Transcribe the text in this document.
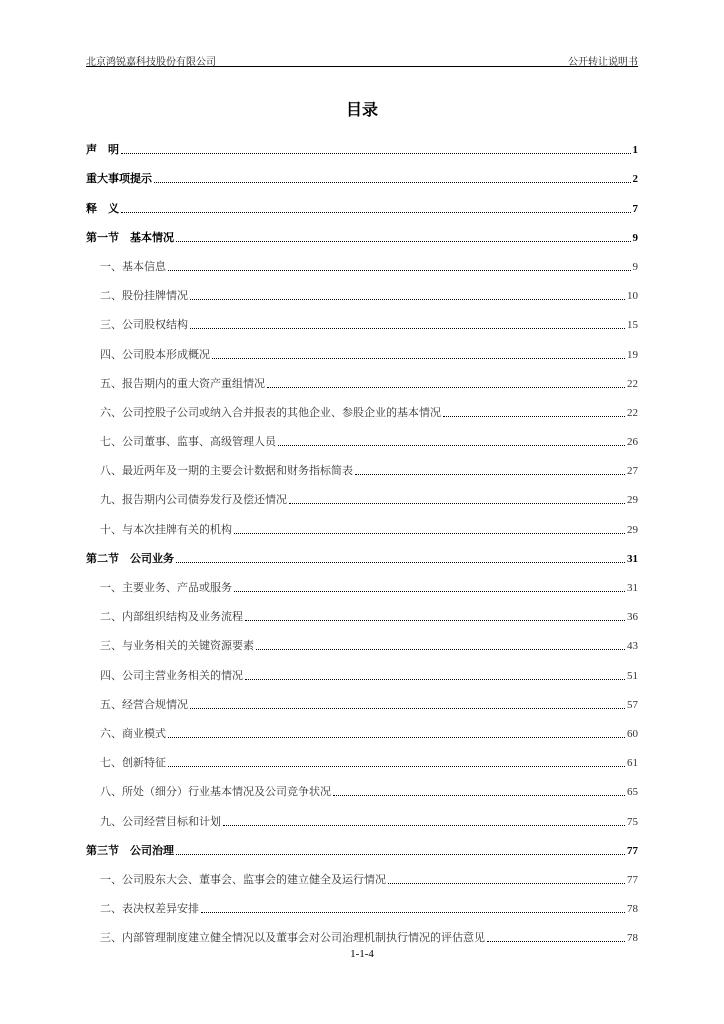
北京鸿锐嘉科技股份有限公司	公开转让说明书
目录
声　明	1
重大事项提示	2
释　义	7
第一节　基本情况	9
一、基本信息	9
二、股份挂牌情况	10
三、公司股权结构	15
四、公司股本形成概况	19
五、报告期内的重大资产重组情况	22
六、公司控股子公司或纳入合并报表的其他企业、参股企业的基本情况	22
七、公司董事、监事、高级管理人员	26
八、最近两年及一期的主要会计数据和财务指标简表	27
九、报告期内公司债券发行及偿还情况	29
十、与本次挂牌有关的机构	29
第二节　公司业务	31
一、主要业务、产品或服务	31
二、内部组织结构及业务流程	36
三、与业务相关的关键资源要素	43
四、公司主营业务相关的情况	51
五、经营合规情况	57
六、商业模式	60
七、创新特征	61
八、所处（细分）行业基本情况及公司竞争状况	65
九、公司经营目标和计划	75
第三节　公司治理	77
一、公司股东大会、董事会、监事会的建立健全及运行情况	77
二、表决权差异安排	78
三、内部管理制度建立健全情况以及董事会对公司治理机制执行情况的评估意见	78
1-1-4
